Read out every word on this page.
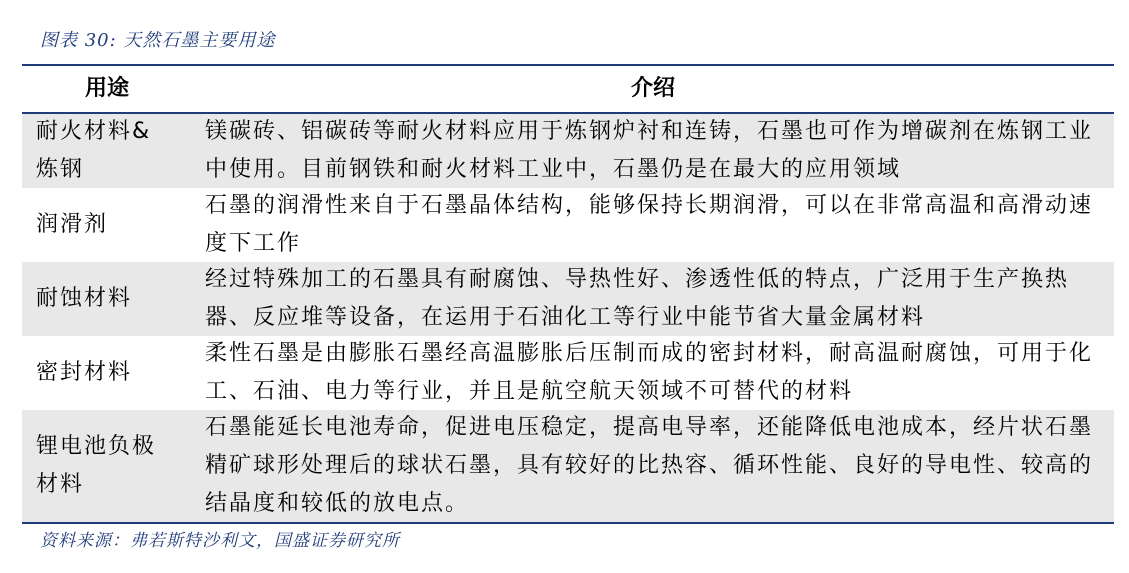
图表 30: 天然石墨主要用途
用途	介绍
耐火材料&
炼钢
镁碳砖、铝碳砖等耐火材料应用于炼钢炉衬和连铸，石墨也可作为增碳剂在炼钢工业中使用。目前钢铁和耐火材料工业中，石墨仍是在最大的应用领域
润滑剂
石墨的润滑性来自于石墨晶体结构，能够保持长期润滑，可以在非常高温和高滑动速度下工作
耐蚀材料
经过特殊加工的石墨具有耐腐蚀、导热性好、渗透性低的特点，广泛用于生产换热器、反应堆等设备，在运用于石油化工等行业中能节省大量金属材料
密封材料
柔性石墨是由膨胀石墨经高温膨胀后压制而成的密封材料，耐高温耐腐蚀，可用于化工、石油、电力等行业，并且是航空航天领域不可替代的材料
锂电池负极
材料
石墨能延长电池寿命，促进电压稳定，提高电导率，还能降低电池成本，经片状石墨精矿球形处理后的球状石墨，具有较好的比热容、循环性能、良好的导电性、较高的结晶度和较低的放电点。
资料来源：弗若斯特沙利文，国盛证券研究所
